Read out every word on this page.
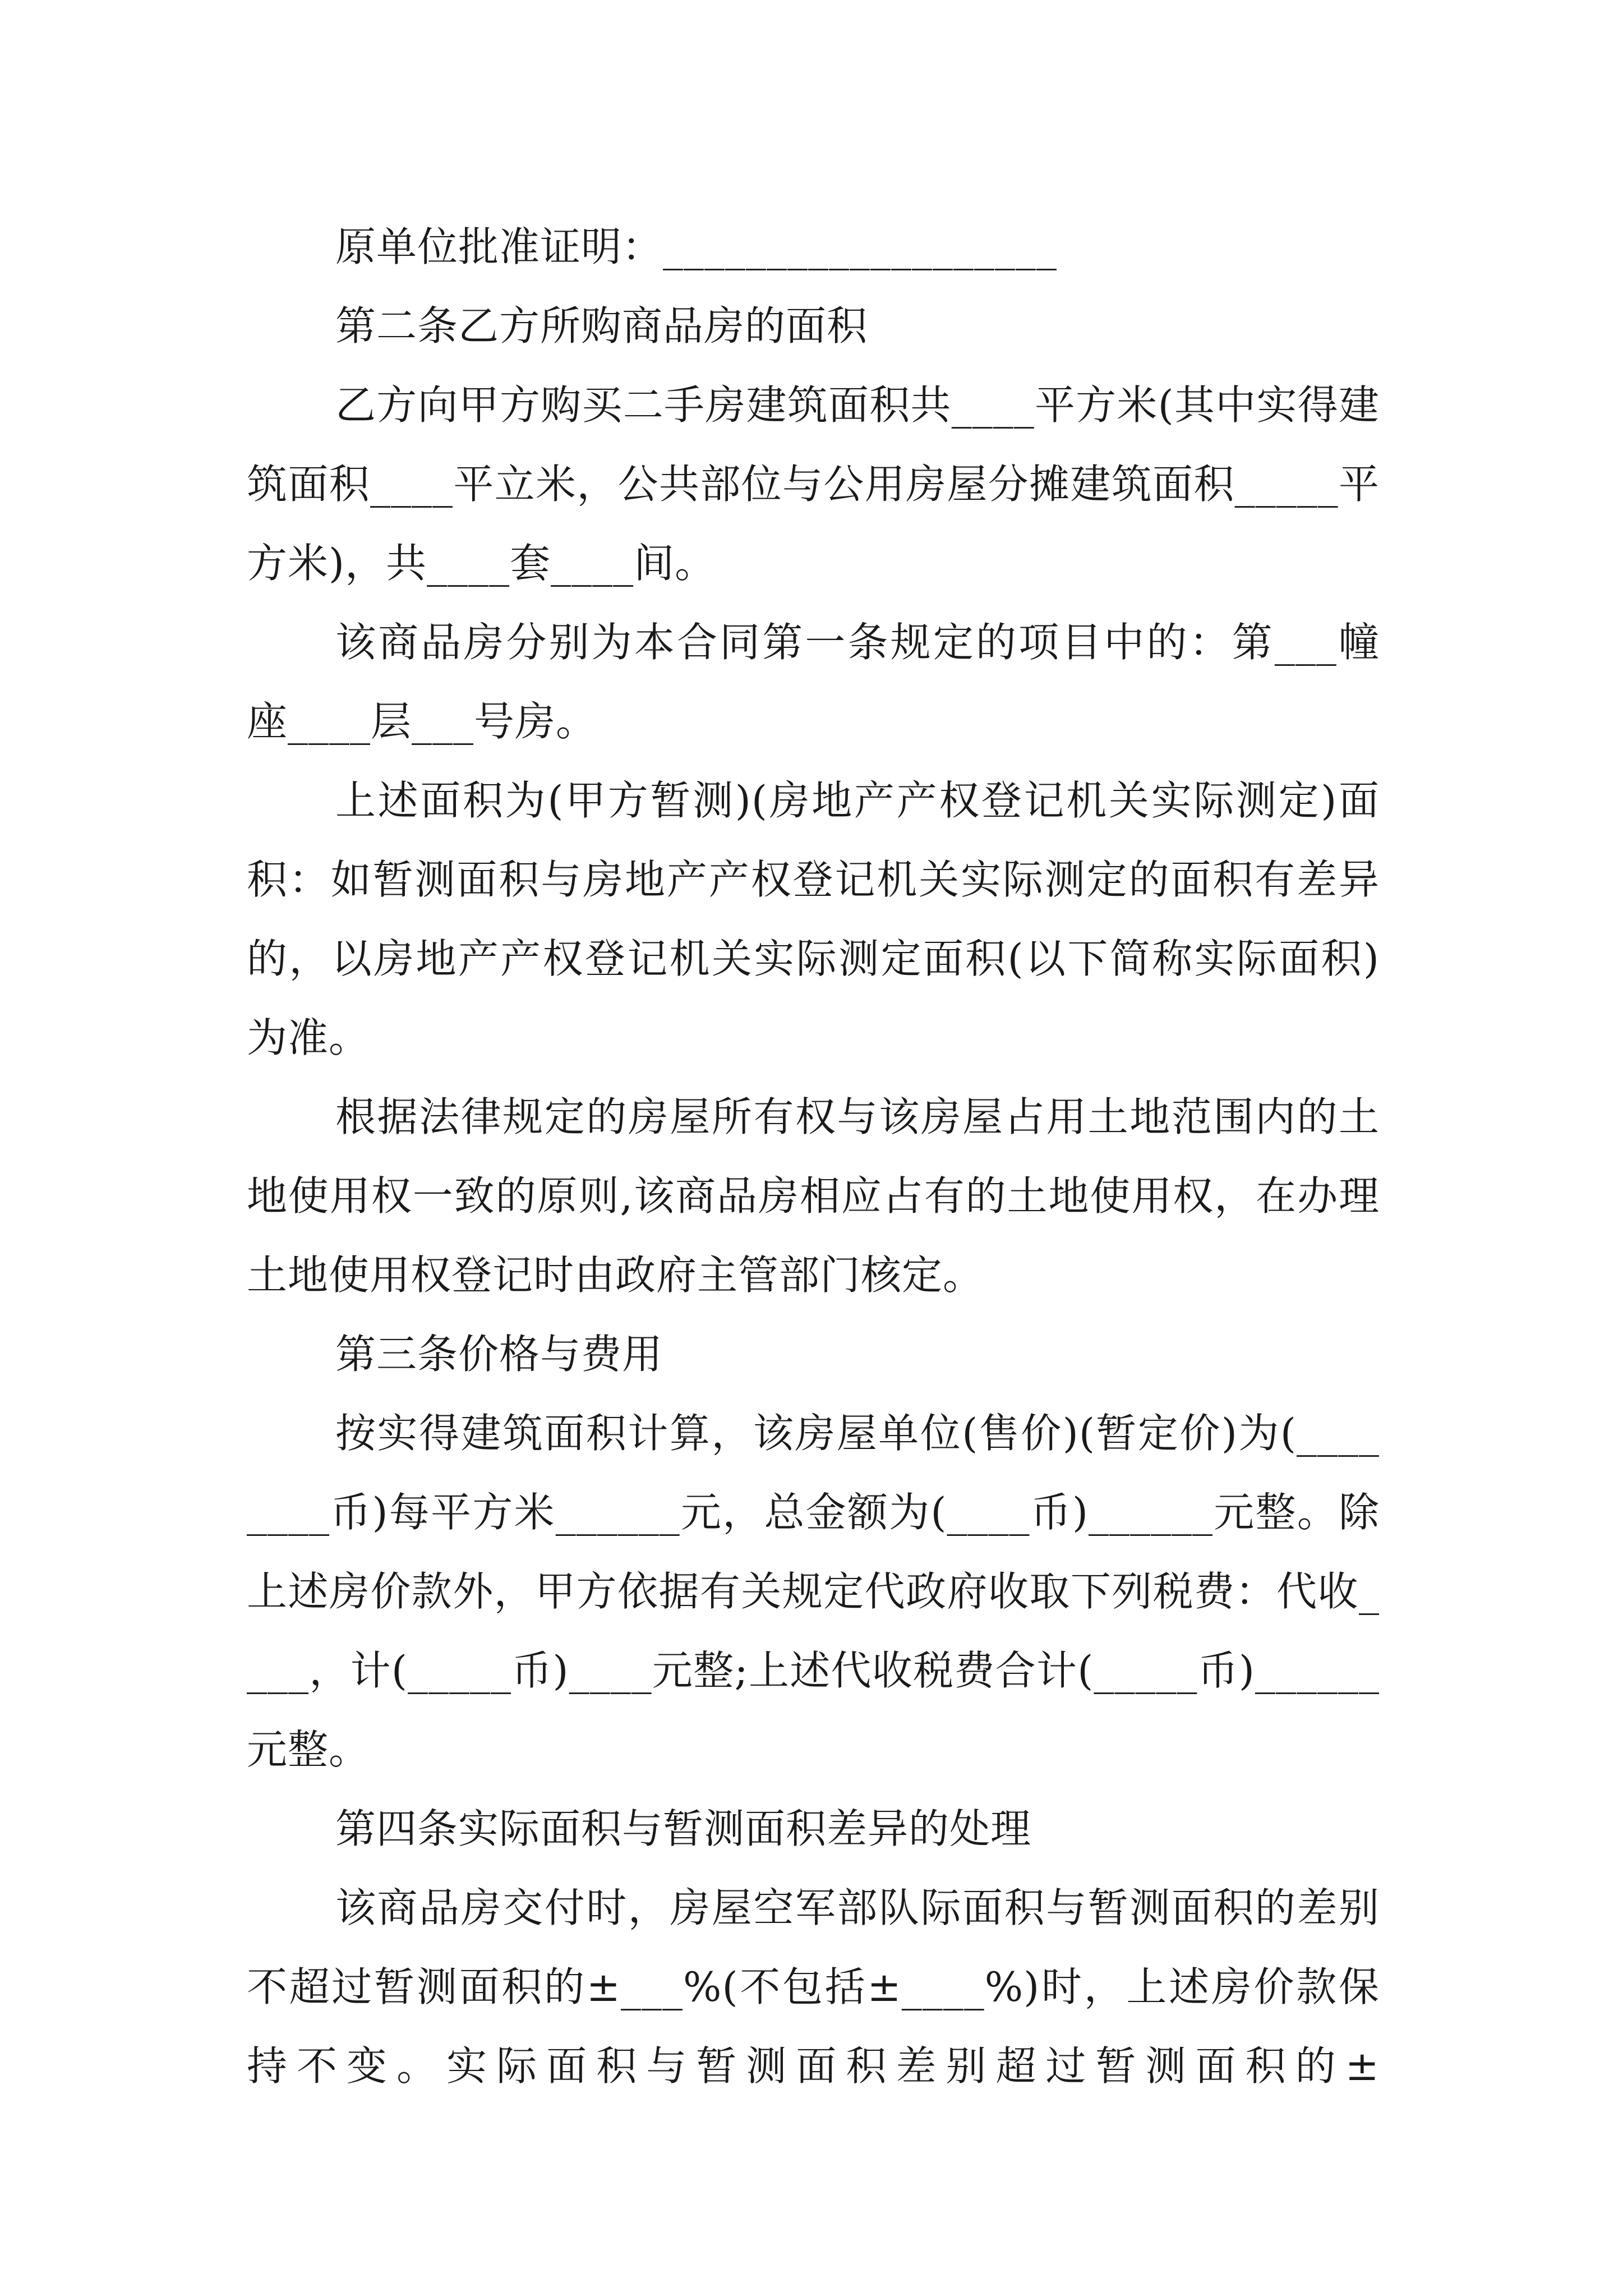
原单位批准证明：___________________

第二条乙方所购商品房的面积

乙方向甲方购买二手房建筑面积共____平方米(其中实得建筑面积____平立米，公共部位与公用房屋分摊建筑面积_____平方米)，共____套____间。

该商品房分别为本合同第一条规定的项目中的：第___幢座____层___号房。

上述面积为(甲方暂测)(房地产产权登记机关实际测定)面积：如暂测面积与房地产产权登记机关实际测定的面积有差异的，以房地产产权登记机关实际测定面积(以下简称实际面积)为准。

根据法律规定的房屋所有权与该房屋占用土地范围内的土地使用权一致的原则,该商品房相应占有的土地使用权，在办理土地使用权登记时由政府主管部门核定。

第三条价格与费用

按实得建筑面积计算，该房屋单位(售价)(暂定价)为(________币)每平方米______元，总金额为(____币)______元整。除上述房价款外，甲方依据有关规定代政府收取下列税费：代收____，计(_____币)____元整;上述代收税费合计(_____币)______元整。

第四条实际面积与暂测面积差异的处理

该商品房交付时，房屋空军部队际面积与暂测面积的差别不超过暂测面积的±___%(不包括±____%)时，上述房价款保持不变。实际面积与暂测面积差别超过暂测面积的±
